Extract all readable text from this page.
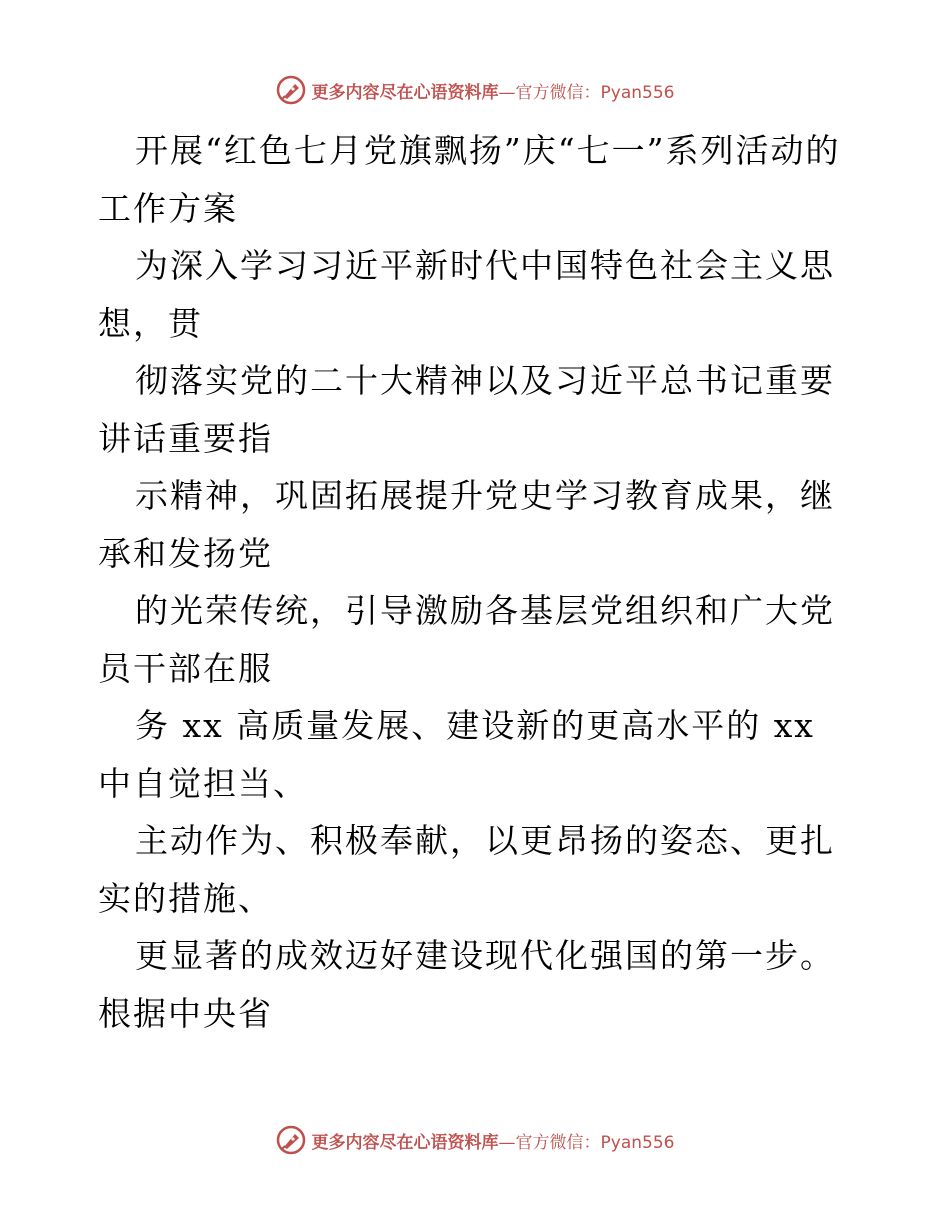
更多内容尽在心语资料库 —官方微信：Pyan556

开展“红色七月党旗飘扬”庆“七一”系列活动的工作方案

为深入学习习近平新时代中国特色社会主义思想，贯

彻落实党的二十大精神以及习近平总书记重要讲话重要指

示精神，巩固拓展提升党史学习教育成果，继承和发扬党

的光荣传统，引导激励各基层党组织和广大党员干部在服

务 xx 高质量发展、建设新的更高水平的 xx 中自觉担当、

主动作为、积极奉献，以更昂扬的姿态、更扎实的措施、

更显著的成效迈好建设现代化强国的第一步。根据中央省

更多内容尽在心语资料库 —官方微信：Pyan556
